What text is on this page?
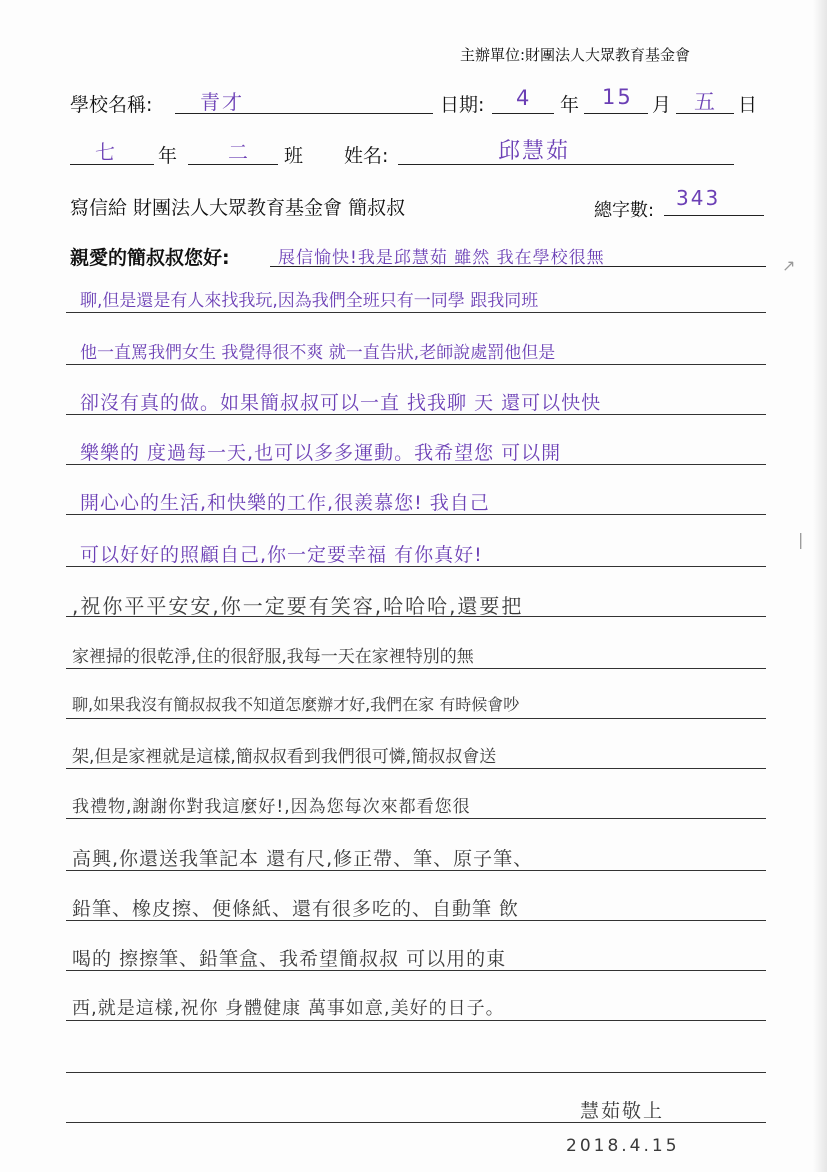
主辦單位:財團法人大眾教育基金會
學校名稱: 青才	日期: 4 年 15 月 五 日
七 年	二 班 姓名:	邱慧茹
寫信給 財團法人大眾教育基金會 簡叔叔	總字數:
343
親愛的簡叔叔您好:	展信愉快!我是邱慧茹 雖然 我在學校很無
聊,但是還是有人來找我玩,因為我們全班只有一同學 跟我同班
他一直罵我們女生 我覺得很不爽 就一直告狀,老師說處罰他但是
卻沒有真的做。如果簡叔叔可以一直 找我聊 天 還可以快快
樂樂的 度過每一天,也可以多多運動。我希望您 可以開
開心心的生活,和快樂的工作,很羨慕您! 我自己
可以好好的照顧自己,你一定要幸福 有你真好!
,祝你平平安安,你一定要有笑容,哈哈哈,還要把
家裡掃的很乾淨,住的很舒服,我每一天在家裡特別的無
聊,如果我沒有簡叔叔我不知道怎麼辦才好,我們在家 有時候會吵
架,但是家裡就是這樣,簡叔叔看到我們很可憐,簡叔叔會送
我禮物,謝謝你對我這麼好!,因為您每次來都看您很
高興,你還送我筆記本 還有尺,修正帶、筆、原子筆、
鉛筆、橡皮擦、便條紙、還有很多吃的、自動筆 飲
喝的 擦擦筆、鉛筆盒、我希望簡叔叔 可以用的東
西,就是這樣,祝你 身體健康 萬事如意,美好的日子。
慧茹敬上
2018.4.15
↗
|
